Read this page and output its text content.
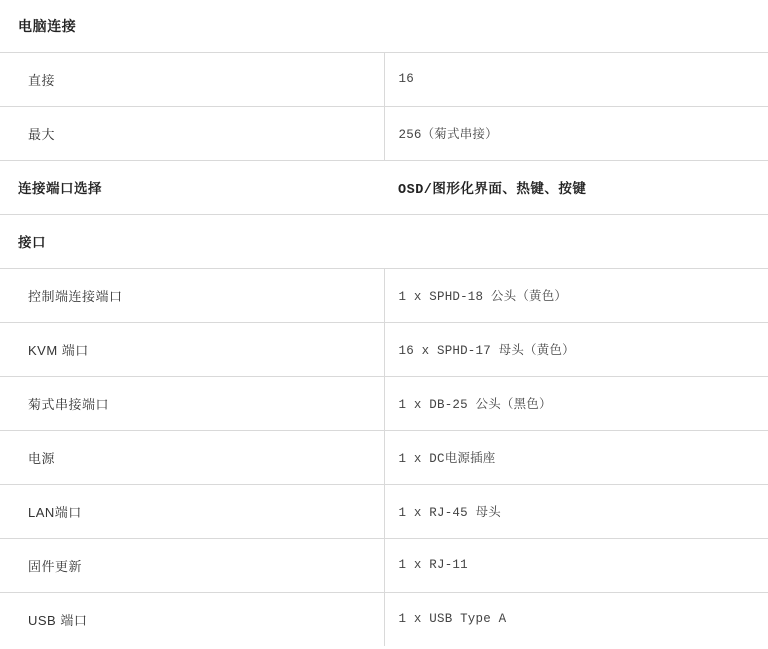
电脑连接	
直接	16
最大	256（菊式串接）
连接端口选择	OSD/图形化界面、热键、按键
接口	
控制端连接端口	1 x SPHD-18 公头（黄色）
KVM 端口	16 x SPHD-17 母头（黄色）
菊式串接端口	1 x DB-25 公头（黑色）
电源	1 x DC电源插座
LAN端口	1 x RJ-45 母头
固件更新	1 x RJ-11
USB 端口	1 x USB Type A
